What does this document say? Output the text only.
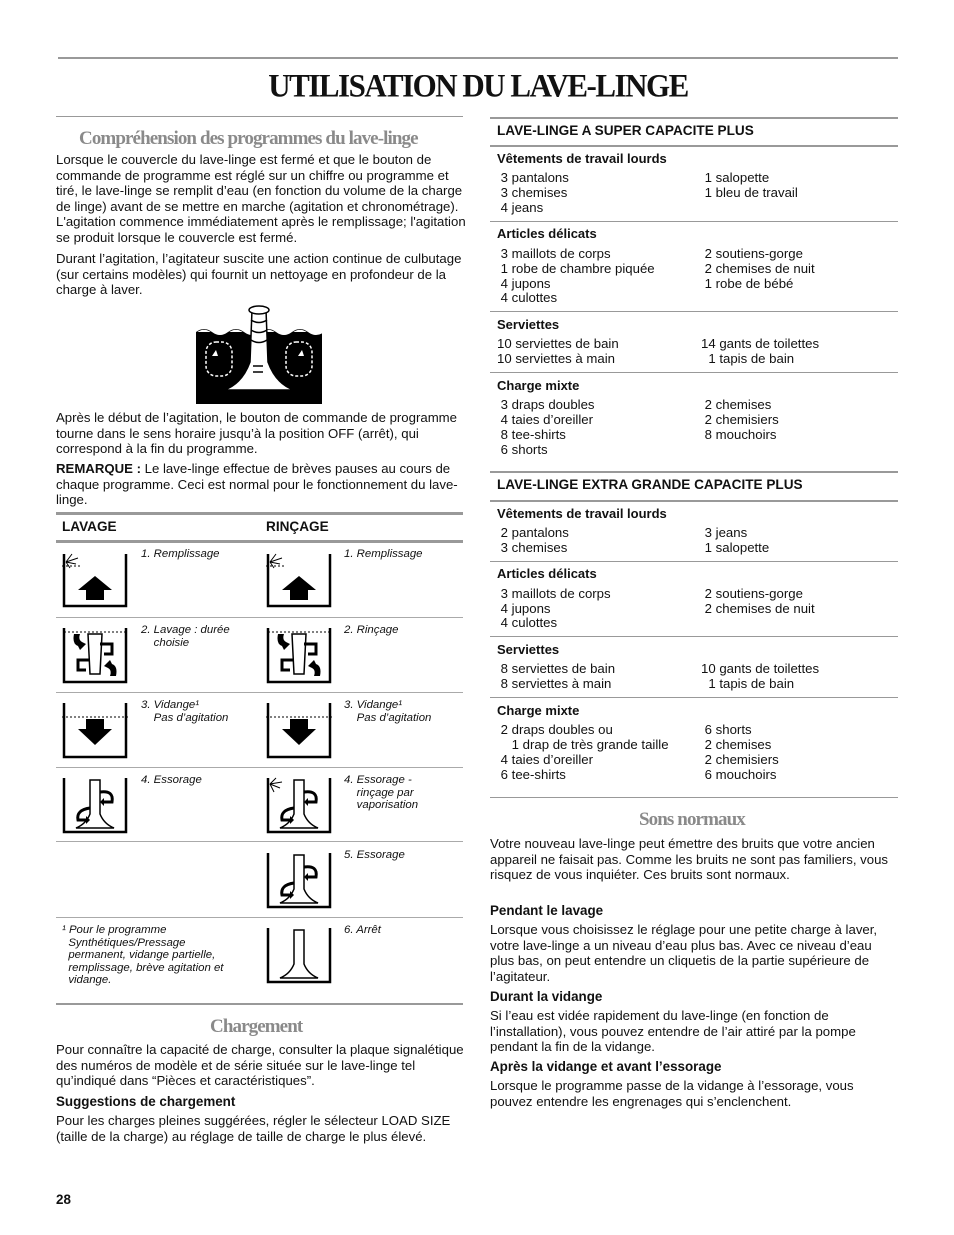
UTILISATION DU LAVE-LINGE
Compréhension des programmes du lave-linge
Lorsque le couvercle du lave-linge est fermé et que le bouton de commande de programme est réglé sur un chiffre ou programme et tiré, le lave-linge se remplit d’eau (en fonction du volume de la charge de linge) avant de se mettre en marche (agitation et chronométrage). L'agitation commence immédiatement après le remplissage; l'agitation se produit lorsque le couvercle est fermé.
Durant l’agitation, l’agitateur suscite une action continue de culbutage (sur certains modèles) qui fournit un nettoyage en profondeur de la charge à laver.
Après le début de l’agitation, le bouton de commande de programme tourne dans le sens horaire jusqu’à la position OFF (arrêt), qui correspond à la fin du programme.
REMARQUE : Le lave-linge effectue de brèves pauses au cours de chaque programme. Ceci est normal pour le fonctionnement du lave-linge.
LAVAGE	RINÇAGE
1. Remplissage
2. Lavage : durée
choisie
3. Vidange¹
Pas d’agitation
4. Essorage
¹ Pour le programme
Synthétiques/Pressage
permanent, vidange partielle,
remplissage, brève agitation et
vidange.
1. Remplissage
2. Rinçage
3. Vidange¹
Pas d’agitation
4. Essorage -
rinçage par
vaporisation
5. Essorage
6. Arrêt
Chargement
Pour connaître la capacité de charge, consulter la plaque signalétique des numéros de modèle et de série située sur le lave-linge tel qu’indiqué dans “Pièces et caractéristiques”.
Suggestions de chargement
Pour les charges pleines suggérées, régler le sélecteur LOAD SIZE (taille de la charge) au réglage de taille de charge le plus élevé.
28
LAVE-LINGE A SUPER CAPACITE PLUS
Vêtements de travail lourds
3 pantalons
3 chemises
4 jeans
1 salopette
1 bleu de travail
Articles délicats
3 maillots de corps
1 robe de chambre piquée
4 jupons
4 culottes
2 soutiens-gorge
2 chemises de nuit
1 robe de bébé
Serviettes
10 serviettes de bain
10 serviettes à main
14 gants de toilettes
1 tapis de bain
Charge mixte
3 draps doubles
4 taies d’oreiller
8 tee-shirts
6 shorts
2 chemises
2 chemisiers
8 mouchoirs
LAVE-LINGE EXTRA GRANDE CAPACITE PLUS
Vêtements de travail lourds
2 pantalons
3 chemises
3 jeans
1 salopette
Articles délicats
3 maillots de corps
4 jupons
4 culottes
2 soutiens-gorge
2 chemises de nuit
Serviettes
8 serviettes de bain
8 serviettes à main
10 gants de toilettes
1 tapis de bain
Charge mixte
2 draps doubles ou
1 drap de très grande taille
4 taies d’oreiller
6 tee-shirts
6 shorts
2 chemises
2 chemisiers
6 mouchoirs
Sons normaux
Votre nouveau lave-linge peut émettre des bruits que votre ancien appareil ne faisait pas. Comme les bruits ne sont pas familiers, vous risquez de vous inquiéter. Ces bruits sont normaux.
Pendant le lavage
Lorsque vous choisissez le réglage pour une petite charge à laver, votre lave-linge a un niveau d’eau plus bas. Avec ce niveau d’eau plus bas, on peut entendre un cliquetis de la partie supérieure de l’agitateur.
Durant la vidange
Si l’eau est vidée rapidement du lave-linge (en fonction de l’installation), vous pouvez entendre de l’air attiré par la pompe pendant la fin de la vidange.
Après la vidange et avant l’essorage
Lorsque le programme passe de la vidange à l’essorage, vous pouvez entendre les engrenages qui s’enclenchent.
